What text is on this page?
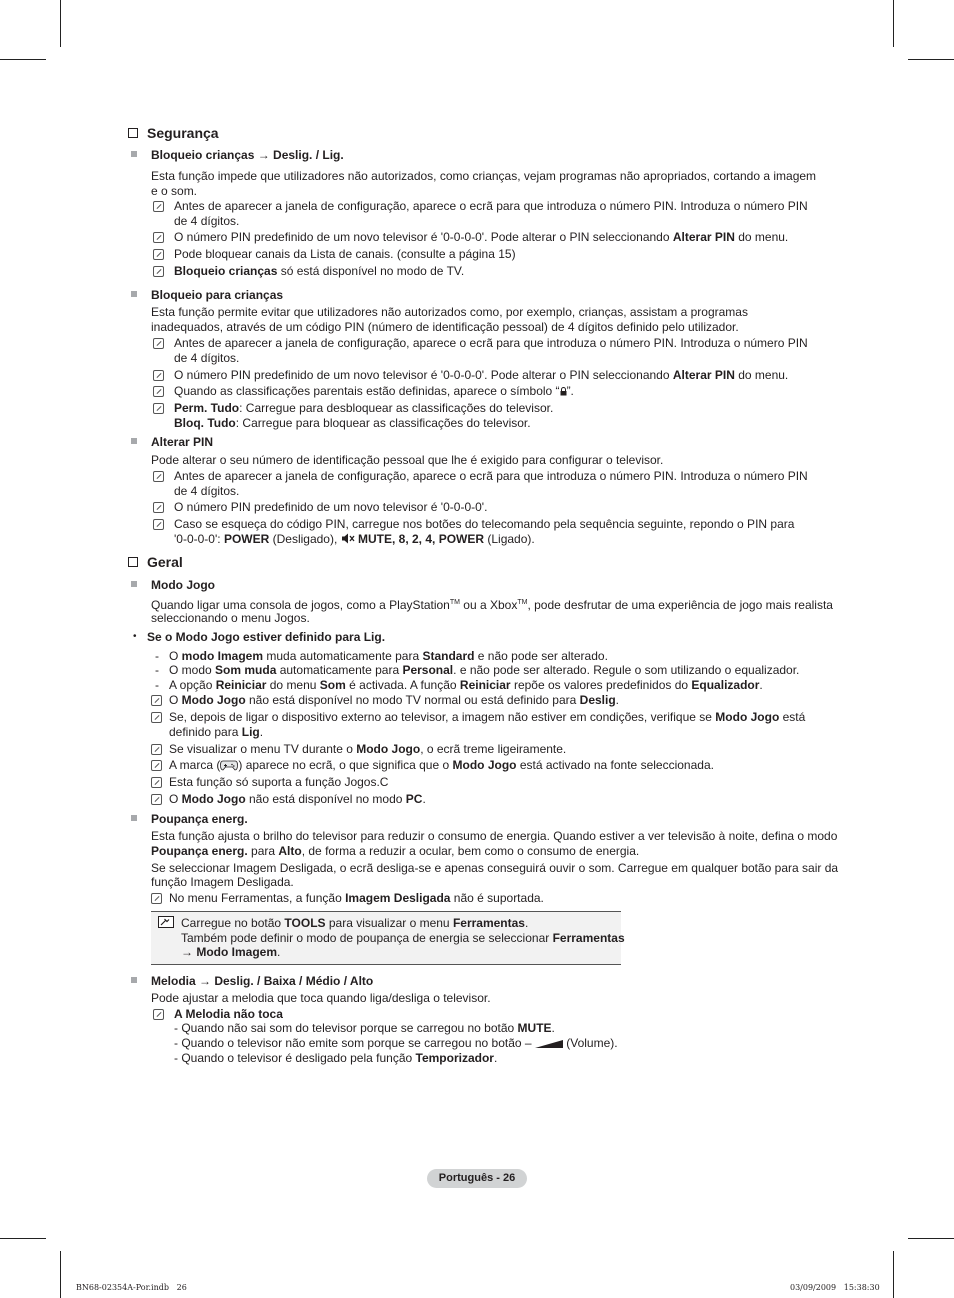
Segurança
Bloqueio crianças → Deslig. / Lig.
Esta função impede que utilizadores não autorizados, como crianças, vejam programas não apropriados, cortando a imagem e o som.
Antes de aparecer a janela de configuração, aparece o ecrã para que introduza o número PIN. Introduza o número PIN de 4 dígitos.
O número PIN predefinido de um novo televisor é '0-0-0-0'. Pode alterar o PIN seleccionando Alterar PIN do menu.
Pode bloquear canais da Lista de canais. (consulte a página 15)
Bloqueio crianças só está disponível no modo de TV.
Bloqueio para crianças
Esta função permite evitar que utilizadores não autorizados como, por exemplo, crianças, assistam a programas inadequados, através de um código PIN (número de identificação pessoal) de 4 dígitos definido pelo utilizador.
Antes de aparecer a janela de configuração, aparece o ecrã para que introduza o número PIN. Introduza o número PIN de 4 dígitos.
O número PIN predefinido de um novo televisor é '0-0-0-0'. Pode alterar o PIN seleccionando Alterar PIN do menu.
Quando as classificações parentais estão definidas, aparece o símbolo “ ”.
Perm. Tudo: Carregue para desbloquear as classificações do televisor.
Bloq. Tudo: Carregue para bloquear as classificações do televisor.
Alterar PIN
Pode alterar o seu número de identificação pessoal que lhe é exigido para configurar o televisor.
Antes de aparecer a janela de configuração, aparece o ecrã para que introduza o número PIN. Introduza o número PIN de 4 dígitos.
O número PIN predefinido de um novo televisor é '0-0-0-0'.
Caso se esqueça do código PIN, carregue nos botões do telecomando pela sequência seguinte, repondo o PIN para
'0-0-0-0': POWER (Desligado),  MUTE, 8, 2, 4, POWER (Ligado).
Geral
Modo Jogo
Quando ligar uma consola de jogos, como a PlayStation™ ou a Xbox™, pode desfrutar de uma experiência de jogo mais realista
seleccionando o menu Jogos.
• Se o Modo Jogo estiver definido para Lig.
- O modo Imagem muda automaticamente para Standard e não pode ser alterado.
- O modo Som muda automaticamente para Personal. e não pode ser alterado. Regule o som utilizando o equalizador.
- A opção Reiniciar do menu Som é activada. A função Reiniciar repõe os valores predefinidos do Equalizador.
O Modo Jogo não está disponível no modo TV normal ou está definido para Deslig.
Se, depois de ligar o dispositivo externo ao televisor, a imagem não estiver em condições, verifique se Modo Jogo está
definido para Lig.
Se visualizar o menu TV durante o Modo Jogo, o ecrã treme ligeiramente.
A marca ( ) aparece no ecrã, o que significa que o Modo Jogo está activado na fonte seleccionada.
Esta função só suporta a função Jogos.C
O Modo Jogo não está disponível no modo PC.
Poupança energ.
Esta função ajusta o brilho do televisor para reduzir o consumo de energia. Quando estiver a ver televisão à noite, defina o modo
Poupança energ. para Alto, de forma a reduzir a ocular, bem como o consumo de energia.
Se seleccionar Imagem Desligada, o ecrã desliga-se e apenas conseguirá ouvir o som. Carregue em qualquer botão para sair da
função Imagem Desligada.
No menu Ferramentas, a função Imagem Desligada não é suportada.
Carregue no botão TOOLS para visualizar o menu Ferramentas.
Também pode definir o modo de poupança de energia se seleccionar Ferramentas
→ Modo Imagem.
Melodia → Deslig. / Baixa / Médio / Alto
Pode ajustar a melodia que toca quando liga/desliga o televisor.
A Melodia não toca
- Quando não sai som do televisor porque se carregou no botão MUTE.
- Quando o televisor não emite som porque se carregou no botão –  (Volume).
- Quando o televisor é desligado pela função Temporizador.
Português - 26
BN68-02354A-Por.indb   26	03/09/2009   15:38:30
